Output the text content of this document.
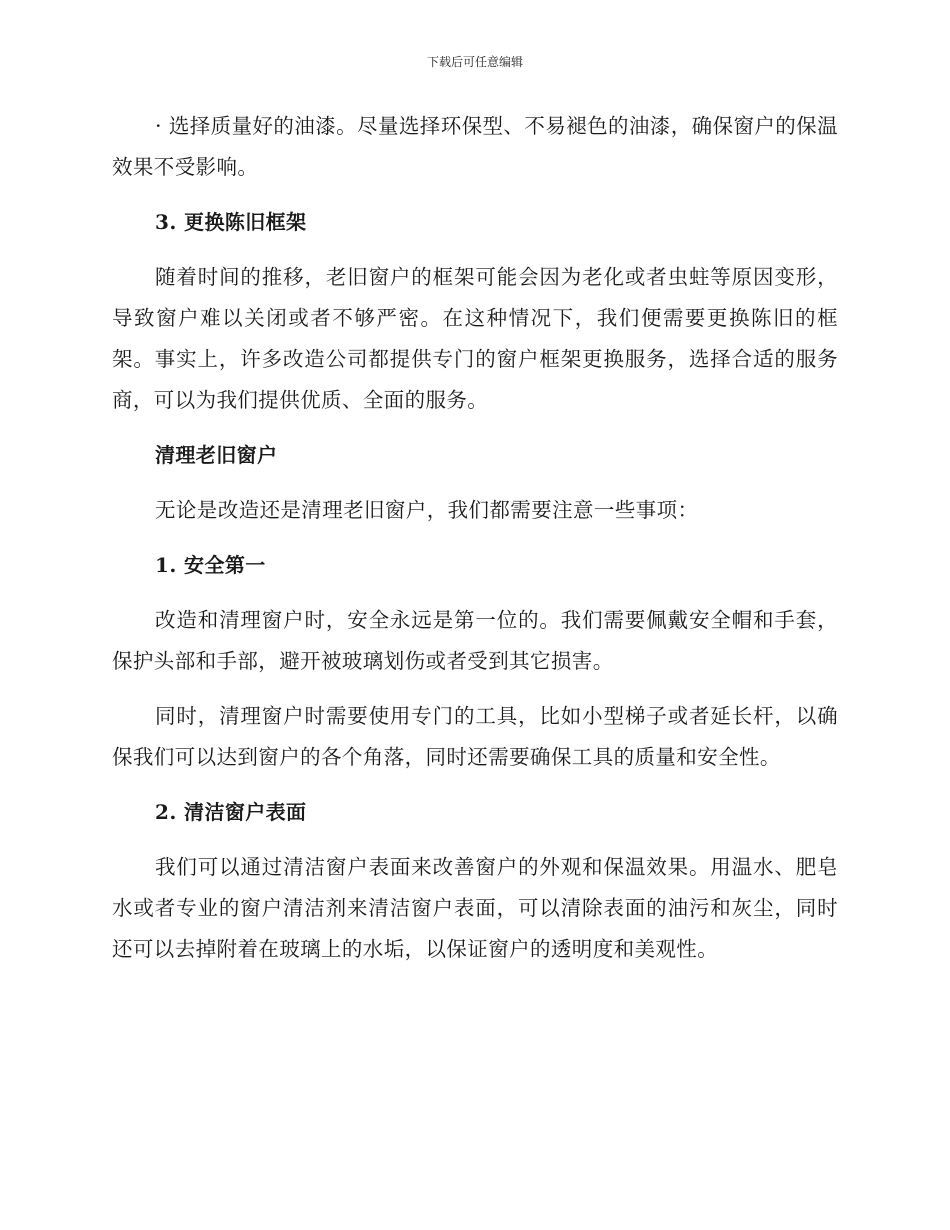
下载后可任意编辑

· 选择质量好的油漆。尽量选择环保型、不易褪色的油漆，确保窗户的保温效果不受影响。

3. 更换陈旧框架

随着时间的推移，老旧窗户的框架可能会因为老化或者虫蛀等原因变形，导致窗户难以关闭或者不够严密。在这种情况下，我们便需要更换陈旧的框架。事实上，许多改造公司都提供专门的窗户框架更换服务，选择合适的服务商，可以为我们提供优质、全面的服务。

清理老旧窗户

无论是改造还是清理老旧窗户，我们都需要注意一些事项：

1. 安全第一

改造和清理窗户时，安全永远是第一位的。我们需要佩戴安全帽和手套，保护头部和手部，避开被玻璃划伤或者受到其它损害。

同时，清理窗户时需要使用专门的工具，比如小型梯子或者延长杆，以确保我们可以达到窗户的各个角落，同时还需要确保工具的质量和安全性。

2. 清洁窗户表面

我们可以通过清洁窗户表面来改善窗户的外观和保温效果。用温水、肥皂水或者专业的窗户清洁剂来清洁窗户表面，可以清除表面的油污和灰尘，同时还可以去掉附着在玻璃上的水垢，以保证窗户的透明度和美观性。
